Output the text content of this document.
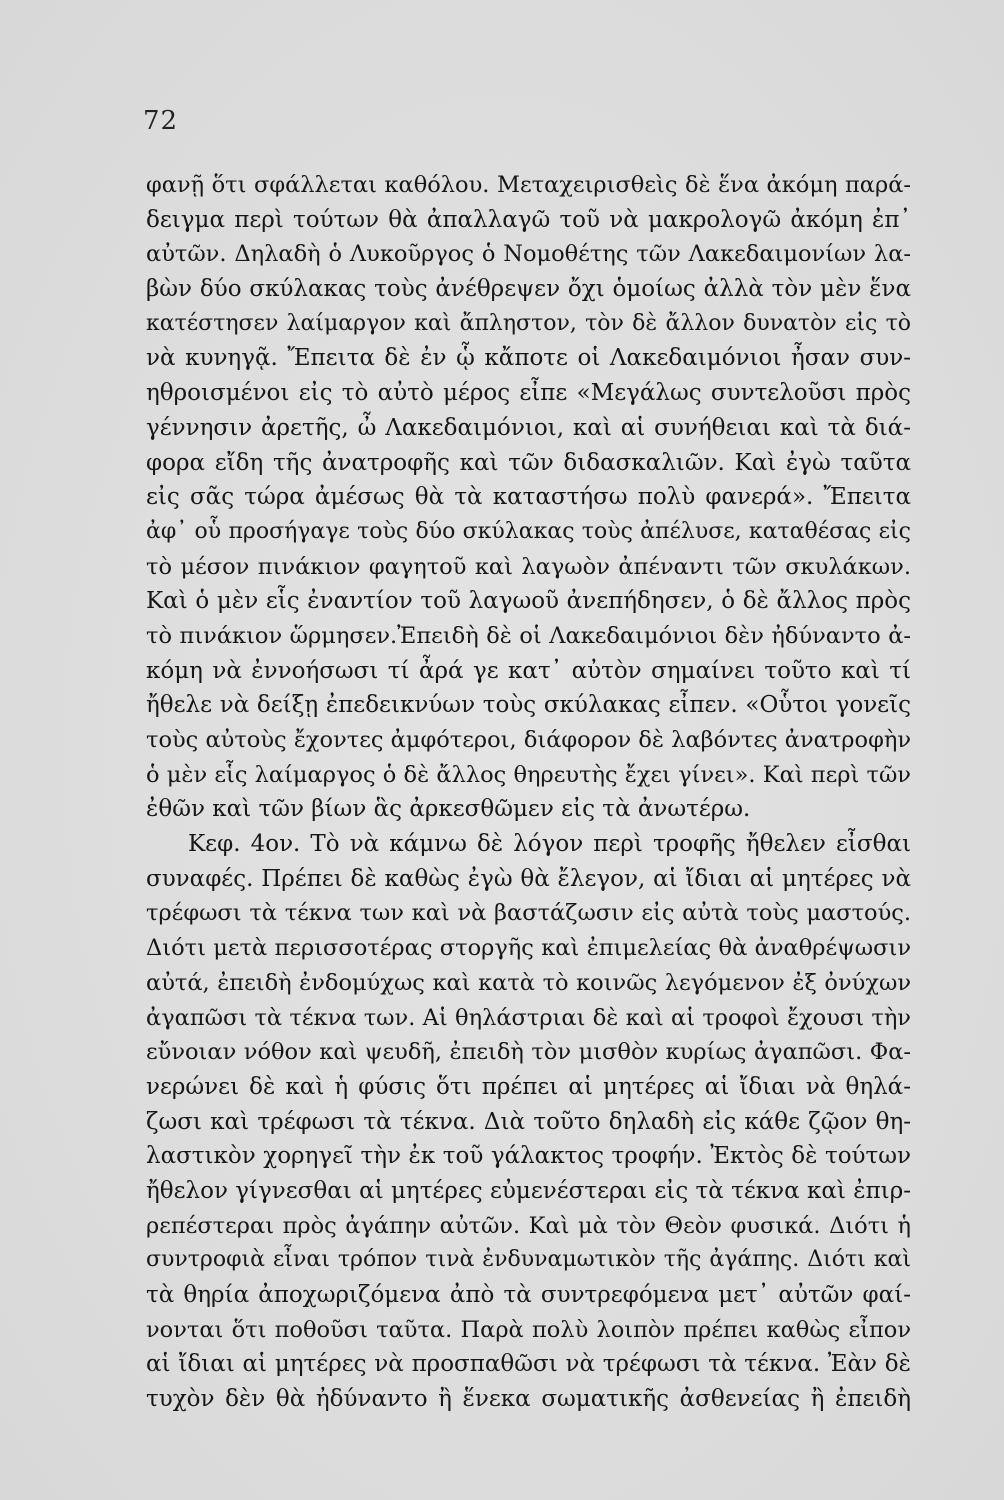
72
φανῇ ὅτι σφάλλεται καθόλου. Μεταχειρισθεὶς δὲ ἕνα ἀκόμη παρά-
δειγμα περὶ τούτων θὰ ἀπαλλαγῶ τοῦ νὰ μακρολογῶ ἀκόμη ἐπ᾽
αὐτῶν. Δηλαδὴ ὁ Λυκοῦργος ὁ Νομοθέτης τῶν Λακεδαιμονίων λα-
βὼν δύο σκύλακας τοὺς ἀνέθρεψεν ὄχι ὁμοίως ἀλλὰ τὸν μὲν ἕνα
κατέστησεν λαίμαργον καὶ ἄπληστον, τὸν δὲ ἄλλον δυνατὸν εἰς τὸ
νὰ κυνηγᾷ. Ἔπειτα δὲ ἐν ᾧ κἄποτε οἱ Λακεδαιμόνιοι ἦσαν συν-
ηθροισμένοι εἰς τὸ αὐτὸ μέρος εἶπε «Μεγάλως συντελοῦσι πρὸς
γέννησιν ἀρετῆς, ὦ Λακεδαιμόνιοι, καὶ αἱ συνήθειαι καὶ τὰ διά-
φορα εἴδη τῆς ἀνατροφῆς καὶ τῶν διδασκαλιῶν. Καὶ ἐγὼ ταῦτα
εἰς σᾶς τώρα ἀμέσως θὰ τὰ καταστήσω πολὺ φανερά». Ἔπειτα
ἀφ᾽ οὗ προσήγαγε τοὺς δύο σκύλακας τοὺς ἀπέλυσε, καταθέσας εἰς
τὸ μέσον πινάκιον φαγητοῦ καὶ λαγωὸν ἀπέναντι τῶν σκυλάκων.
Καὶ ὁ μὲν εἷς ἐναντίον τοῦ λαγωοῦ ἀνεπήδησεν, ὁ δὲ ἄλλος πρὸς
τὸ πινάκιον ὥρμησεν.Ἐπειδὴ δὲ οἱ Λακεδαιμόνιοι δὲν ἠδύναντο ἀ-
κόμη νὰ ἐννοήσωσι τί ἆρά γε κατ᾽ αὐτὸν σημαίνει τοῦτο καὶ τί
ἤθελε νὰ δείξῃ ἐπεδεικνύων τοὺς σκύλακας εἶπεν. «Οὗτοι γονεῖς
τοὺς αὐτοὺς ἔχοντες ἀμφότεροι, διάφορον δὲ λαβόντες ἀνατροφὴν
ὁ μὲν εἷς λαίμαργος ὁ δὲ ἄλλος θηρευτὴς ἔχει γίνει». Καὶ περὶ τῶν
ἐθῶν καὶ τῶν βίων ἃς ἀρκεσθῶμεν εἰς τὰ ἀνωτέρω.
Κεφ. 4ον. Τὸ νὰ κάμνω δὲ λόγον περὶ τροφῆς ἤθελεν εἶσθαι
συναφές. Πρέπει δὲ καθὼς ἐγὼ θὰ ἔλεγον, αἱ ἴδιαι αἱ μητέρες νὰ
τρέφωσι τὰ τέκνα των καὶ νὰ βαστάζωσιν εἰς αὐτὰ τοὺς μαστούς.
Διότι μετὰ περισσοτέρας στοργῆς καὶ ἐπιμελείας θὰ ἀναθρέψωσιν
αὐτά, ἐπειδὴ ἐνδομύχως καὶ κατὰ τὸ κοινῶς λεγόμενον ἐξ ὀνύχων
ἀγαπῶσι τὰ τέκνα των. Αἱ θηλάστριαι δὲ καὶ αἱ τροφοὶ ἔχουσι τὴν
εὔνοιαν νόθον καὶ ψευδῆ, ἐπειδὴ τὸν μισθὸν κυρίως ἀγαπῶσι. Φα-
νερώνει δὲ καὶ ἡ φύσις ὅτι πρέπει αἱ μητέρες αἱ ἴδιαι νὰ θηλά-
ζωσι καὶ τρέφωσι τὰ τέκνα. Διὰ τοῦτο δηλαδὴ εἰς κάθε ζῷον θη-
λαστικὸν χορηγεῖ τὴν ἐκ τοῦ γάλακτος τροφήν. Ἐκτὸς δὲ τούτων
ἤθελον γίγνεσθαι αἱ μητέρες εὐμενέστεραι εἰς τὰ τέκνα καὶ ἐπιρ-
ρεπέστεραι πρὸς ἀγάπην αὐτῶν. Καὶ μὰ τὸν Θεὸν φυσικά. Διότι ἡ
συντροφιὰ εἶναι τρόπον τινὰ ἐνδυναμωτικὸν τῆς ἀγάπης. Διότι καὶ
τὰ θηρία ἀποχωριζόμενα ἀπὸ τὰ συντρεφόμενα μετ᾽ αὐτῶν φαί-
νονται ὅτι ποθοῦσι ταῦτα. Παρὰ πολὺ λοιπὸν πρέπει καθὼς εἶπον
αἱ ἴδιαι αἱ μητέρες νὰ προσπαθῶσι νὰ τρέφωσι τὰ τέκνα. Ἐὰν δὲ
τυχὸν δὲν θὰ ἠδύναντο ἢ ἕνεκα σωματικῆς ἀσθενείας ἢ ἐπειδὴ
